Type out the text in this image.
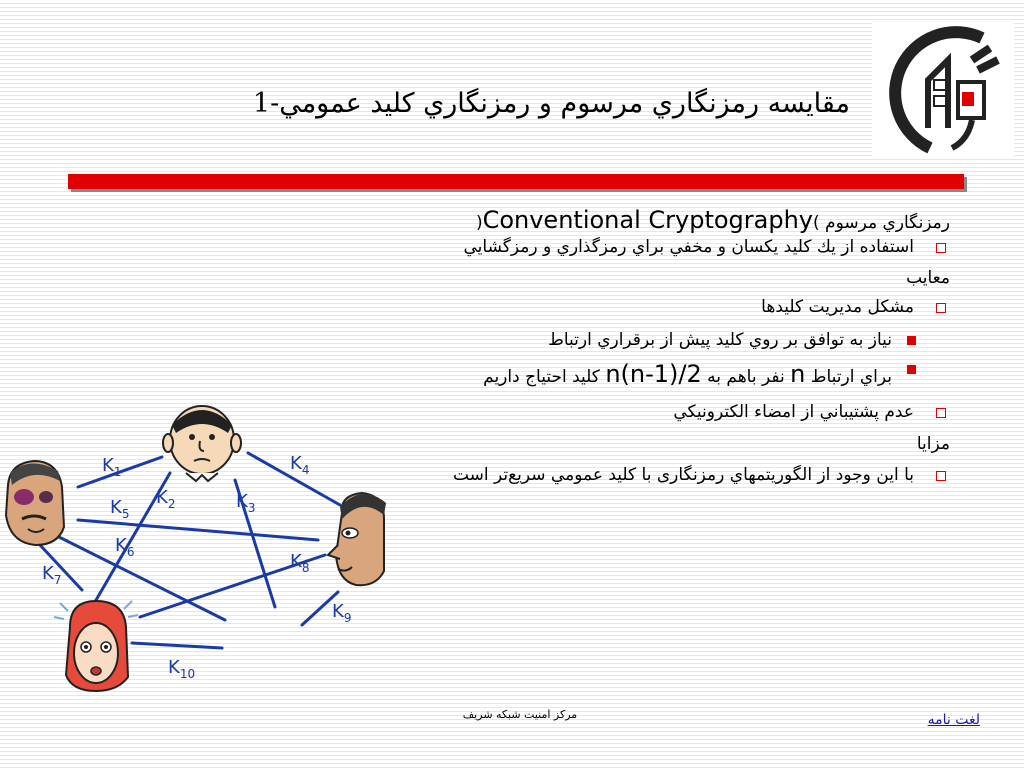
مقايسه رمزنگاري مرسوم و رمزنگاري كليد عمومي-1

رمزنگاري مرسوم )Conventional Cryptography(

استفاده از يك كليد يكسان و مخفي براي رمزگذاري و رمزگشايي

معايب

مشكل مديريت كليدها

نياز به توافق بر روي كليد پيش از برقراري ارتباط

براي ارتباط n نفر باهم به n(n-1)/2 كليد احتياج داريم

عدم پشتيباني از امضاء الكترونيكي

مزايا

با اين وجود از الگوريتمهاي رمزنگاری با كليد عمومي سريع‌تر است

$K_1$
$K_2$	$K_3$
$K_4$
$K_5$
$K_6$
$K_7$
$K_8$
$K_9$
$K_{10}$
مركز امنيت شبكه شريف	لغت نامه
